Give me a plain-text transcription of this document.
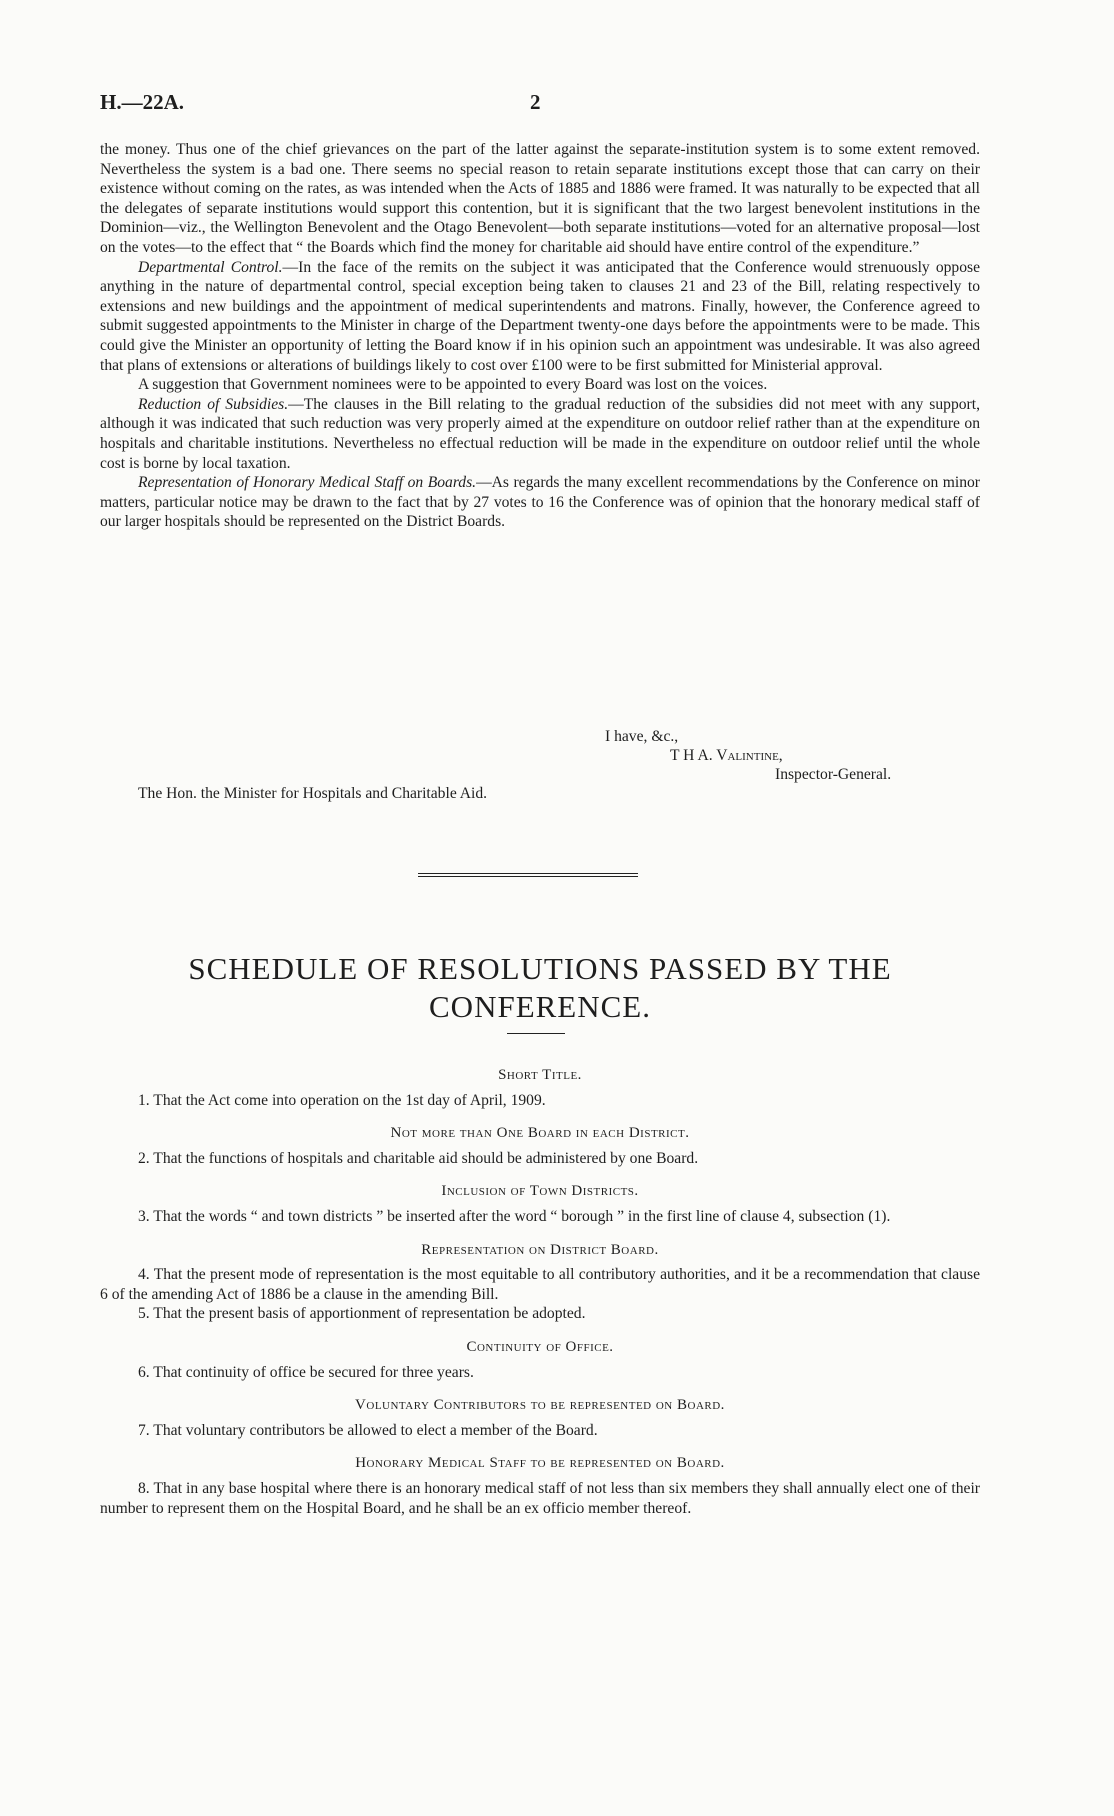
H.—22A.	2

the money. Thus one of the chief grievances on the part of the latter against the separate-institution system is to some extent removed. Nevertheless the system is a bad one. There seems no special reason to retain separate institutions except those that can carry on their existence without coming on the rates, as was intended when the Acts of 1885 and 1886 were framed. It was naturally to be expected that all the delegates of separate institutions would support this contention, but it is significant that the two largest benevolent institutions in the Dominion—viz., the Wellington Benevolent and the Otago Benevolent—both separate institutions—voted for an alternative proposal—lost on the votes—to the effect that “ the Boards which find the money for charitable aid should have entire control of the expenditure.”

Departmental Control.—In the face of the remits on the subject it was anticipated that the Conference would strenuously oppose anything in the nature of departmental control, special exception being taken to clauses 21 and 23 of the Bill, relating respectively to extensions and new buildings and the appointment of medical superintendents and matrons. Finally, however, the Conference agreed to submit suggested appointments to the Minister in charge of the Department twenty-one days before the appointments were to be made. This could give the Minister an opportunity of letting the Board know if in his opinion such an appointment was undesirable. It was also agreed that plans of extensions or alterations of buildings likely to cost over £100 were to be first submitted for Ministerial approval.

A suggestion that Government nominees were to be appointed to every Board was lost on the voices.

Reduction of Subsidies.—The clauses in the Bill relating to the gradual reduction of the subsidies did not meet with any support, although it was indicated that such reduction was very properly aimed at the expenditure on outdoor relief rather than at the expenditure on hospitals and charitable institutions. Nevertheless no effectual reduction will be made in the expenditure on outdoor relief until the whole cost is borne by local taxation.

Representation of Honorary Medical Staff on Boards.—As regards the many excellent recommendations by the Conference on minor matters, particular notice may be drawn to the fact that by 27 votes to 16 the Conference was of opinion that the honorary medical staff of our larger hospitals should be represented on the District Boards.

I have, &c.,
T H A. Valintine,
Inspector-General.
The Hon. the Minister for Hospitals and Charitable Aid.
SCHEDULE OF RESOLUTIONS PASSED BY THE CONFERENCE.
Short Title.

1. That the Act come into operation on the 1st day of April, 1909.

Not more than One Board in each District.

2. That the functions of hospitals and charitable aid should be administered by one Board.

Inclusion of Town Districts.

3. That the words “ and town districts ” be inserted after the word “ borough ” in the first line of clause 4, subsection (1).

Representation on District Board.

4. That the present mode of representation is the most equitable to all contributory authorities, and it be a recommendation that clause 6 of the amending Act of 1886 be a clause in the amending Bill.

5. That the present basis of apportionment of representation be adopted.

Continuity of Office.

6. That continuity of office be secured for three years.

Voluntary Contributors to be represented on Board.

7. That voluntary contributors be allowed to elect a member of the Board.

Honorary Medical Staff to be represented on Board.

8. That in any base hospital where there is an honorary medical staff of not less than six members they shall annually elect one of their number to represent them on the Hospital Board, and he shall be an ex officio member thereof.
